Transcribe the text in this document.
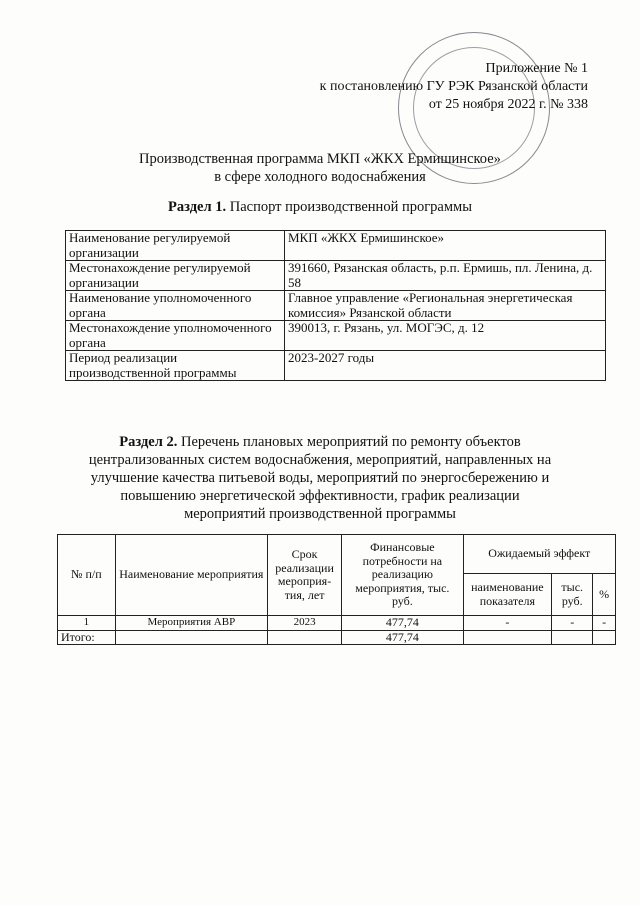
Приложение № 1
к постановлению ГУ РЭК Рязанской области
от 25 ноября 2022 г. № 338
Производственная программа МКП «ЖКХ Ермишинское»
в сфере холодного водоснабжения
Раздел 1. Паспорт производственной программы
Наименование регулируемой организации	МКП «ЖКХ Ермишинское»
Местонахождение регулируемой организации	391660, Рязанская область, р.п. Ермишь, пл. Ленина, д. 58
Наименование уполномоченного органа	Главное управление «Региональная энергетическая комиссия» Рязанской области
Местонахождение уполномоченного органа	390013, г. Рязань, ул. МОГЭС, д. 12
Период реализации производственной программы	2023-2027 годы
Раздел 2. Перечень плановых мероприятий по ремонту объектов
централизованных систем водоснабжения, мероприятий, направленных на
улучшение качества питьевой воды, мероприятий по энергосбережению и
повышению энергетической эффективности, график реализации
мероприятий производственной программы
№ п/п	Наименование мероприятия	Срок реализации мероприя-тия, лет	Финансовые потребности на реализацию мероприятия, тыс. руб.	Ожидаемый эффект		
				наименование показателя	тыс. руб.	%
1	Мероприятия АВР	2023	477,74	-	-	-
Итого:			477,74			
